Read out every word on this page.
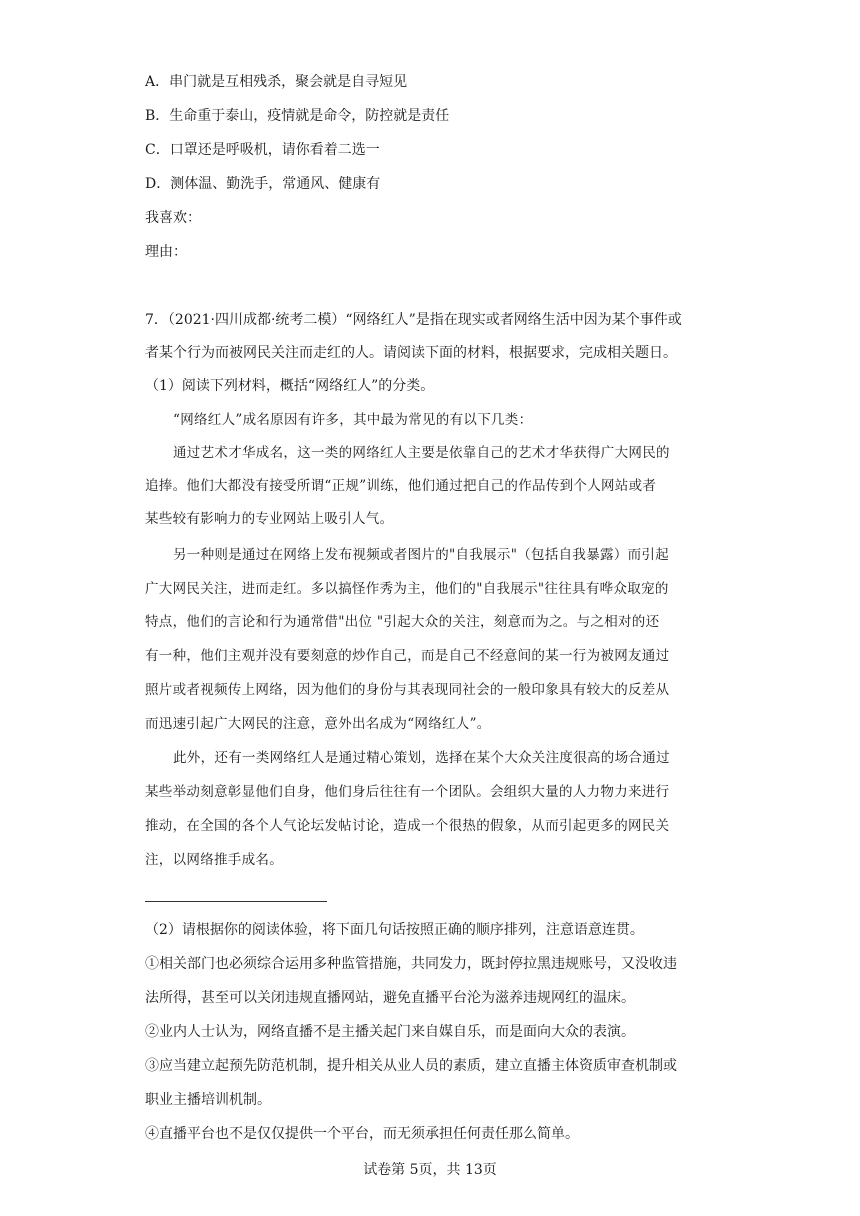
A．串门就是互相残杀，聚会就是自寻短见
B．生命重于泰山，疫情就是命令，防控就是责任
C．口罩还是呼吸机，请你看着二选一
D．测体温、勤洗手，常通风、健康有
我喜欢：
理由：
7．（2021·四川成都·统考二模）“网络红人”是指在现实或者网络生活中因为某个事件或
者某个行为而被网民关注而走红的人。请阅读下面的材料，根据要求，完成相关题日。
（1）阅读下列材料，概括“网络红人”的分类。
“网络红人”成名原因有许多，其中最为常见的有以下几类：
通过艺术才华成名，这一类的网络红人主要是依靠自己的艺术才华获得广大网民的
追捧。他们大都没有接受所谓“正规”训练，他们通过把自己的作品传到个人网站或者
某些较有影响力的专业网站上吸引人气。
另一种则是通过在网络上发布视频或者图片的"自我展示"（包括自我暴露）而引起
广大网民关注，进而走红。多以搞怪作秀为主，他们的"自我展示"往往具有哗众取宠的
特点，他们的言论和行为通常借"出位 "引起大众的关注，刻意而为之。与之相对的还
有一种，他们主观并没有要刻意的炒作自己，而是自己不经意间的某一行为被网友通过
照片或者视频传上网络，因为他们的身份与其表现同社会的一般印象具有较大的反差从
而迅速引起广大网民的注意，意外出名成为“网络红人”。
此外，还有一类网络红人是通过精心策划，选择在某个大众关注度很高的场合通过
某些举动刻意彰显他们自身，他们身后往往有一个团队。会组织大量的人力物力来进行
推动，在全国的各个人气论坛发帖讨论，造成一个很热的假象，从而引起更多的网民关
注，以网络推手成名。
（2）请根据你的阅读体验，将下面几句话按照正确的顺序排列，注意语意连贯。
①相关部门也必须综合运用多种监管措施，共同发力，既封停拉黑违规账号，又没收违
法所得，甚至可以关闭违规直播网站，避免直播平台沦为滋养违规网红的温床。
②业内人士认为，网络直播不是主播关起门来自媒自乐，而是面向大众的表演。
③应当建立起预先防范机制，提升相关从业人员的素质，建立直播主体资质审查机制或
职业主播培训机制。
④直播平台也不是仅仅提供一个平台，而无须承担任何责任那么简单。
试卷第 5页，共 13页
